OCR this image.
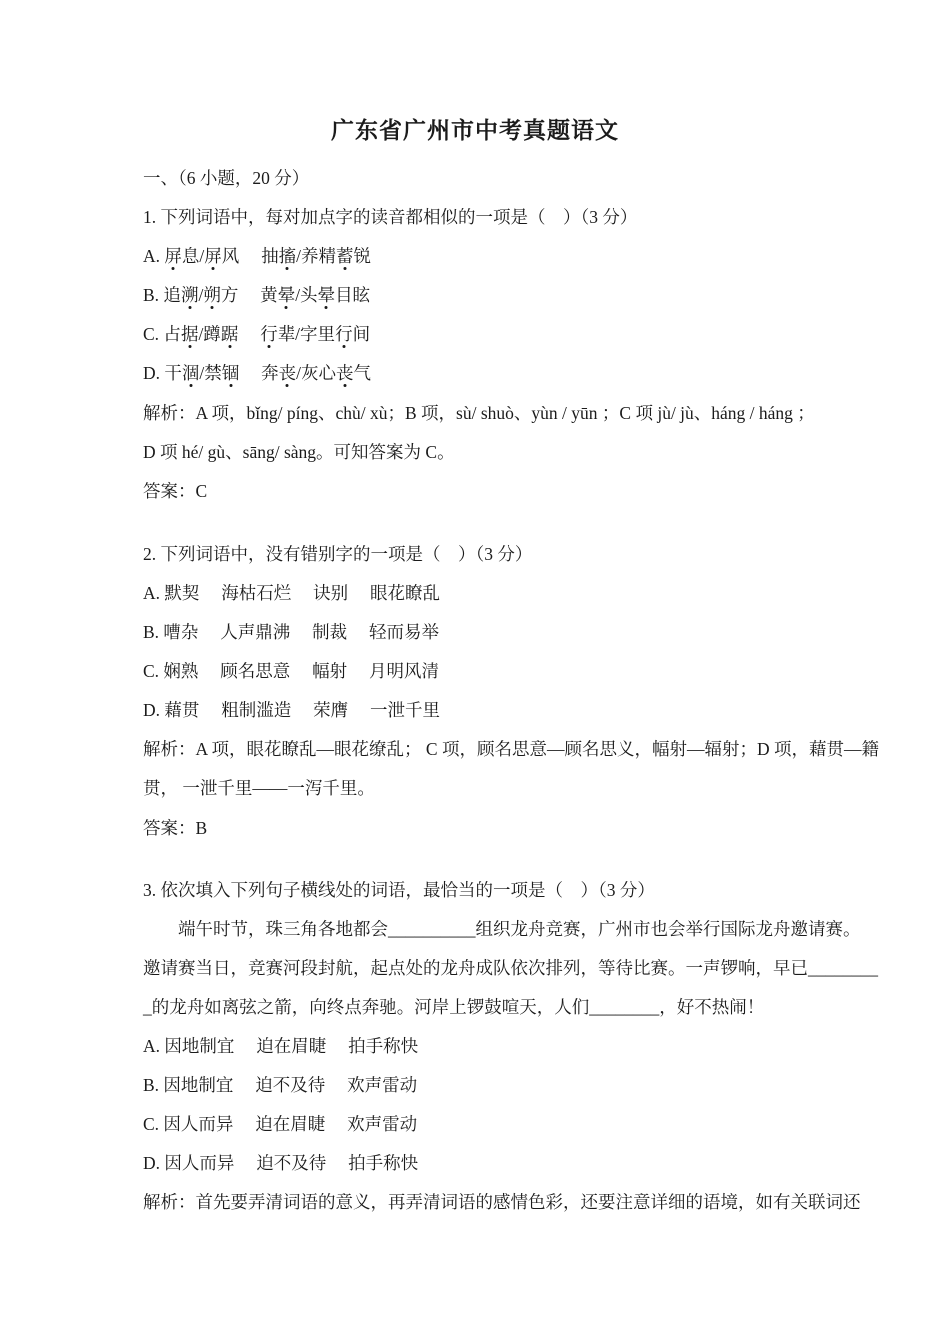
广东省广州市中考真题语文

一、（6 小题，20 分）

1. 下列词语中，每对加点字的读音都相似的一项是（　）（3 分）

A. 屏息/屏风　 抽搐/养精蓄锐

B. 追溯/朔方　 黄晕/头晕目眩

C. 占据/蹲踞　 行辈/字里行间

D. 干涸/禁锢　 奔丧/灰心丧气

解析：A 项，bǐng/ píng、chù/ xù；B 项，sù/ shuò、yùn / yūn ；C 项 jù/ jù、háng / háng ；

D 项 hé/ gù、sāng/ sàng。可知答案为 C。

答案：C

2. 下列词语中，没有错别字的一项是（　）（3 分）

A. 默契　 海枯石烂　 诀别　 眼花瞭乱

B. 嘈杂　 人声鼎沸　 制裁　 轻而易举

C. 娴熟　 顾名思意　 幅射　 月明风清

D. 藉贯　 粗制滥造　 荣膺　 一泄千里

解析：A 项，眼花瞭乱—眼花缭乱； C 项，顾名思意—顾名思义，幅射—辐射；D 项，藉贯—籍

贯， 一泄千里——一泻千里。

答案：B

3. 依次填入下列句子横线处的词语，最恰当的一项是（　）（3 分）

端午时节，珠三角各地都会__________组织龙舟竞赛，广州市也会举行国际龙舟邀请赛。

邀请赛当日，竞赛河段封航，起点处的龙舟成队依次排列，等待比赛。一声锣响，早已________

_的龙舟如离弦之箭，向终点奔驰。河岸上锣鼓喧天，人们________，好不热闹！

A. 因地制宜　 迫在眉睫　 拍手称快

B. 因地制宜　 迫不及待　 欢声雷动

C. 因人而异　 迫在眉睫　 欢声雷动

D. 因人而异　 迫不及待　 拍手称快

解析：首先要弄清词语的意义，再弄清词语的感情色彩，还要注意详细的语境，如有关联词还
